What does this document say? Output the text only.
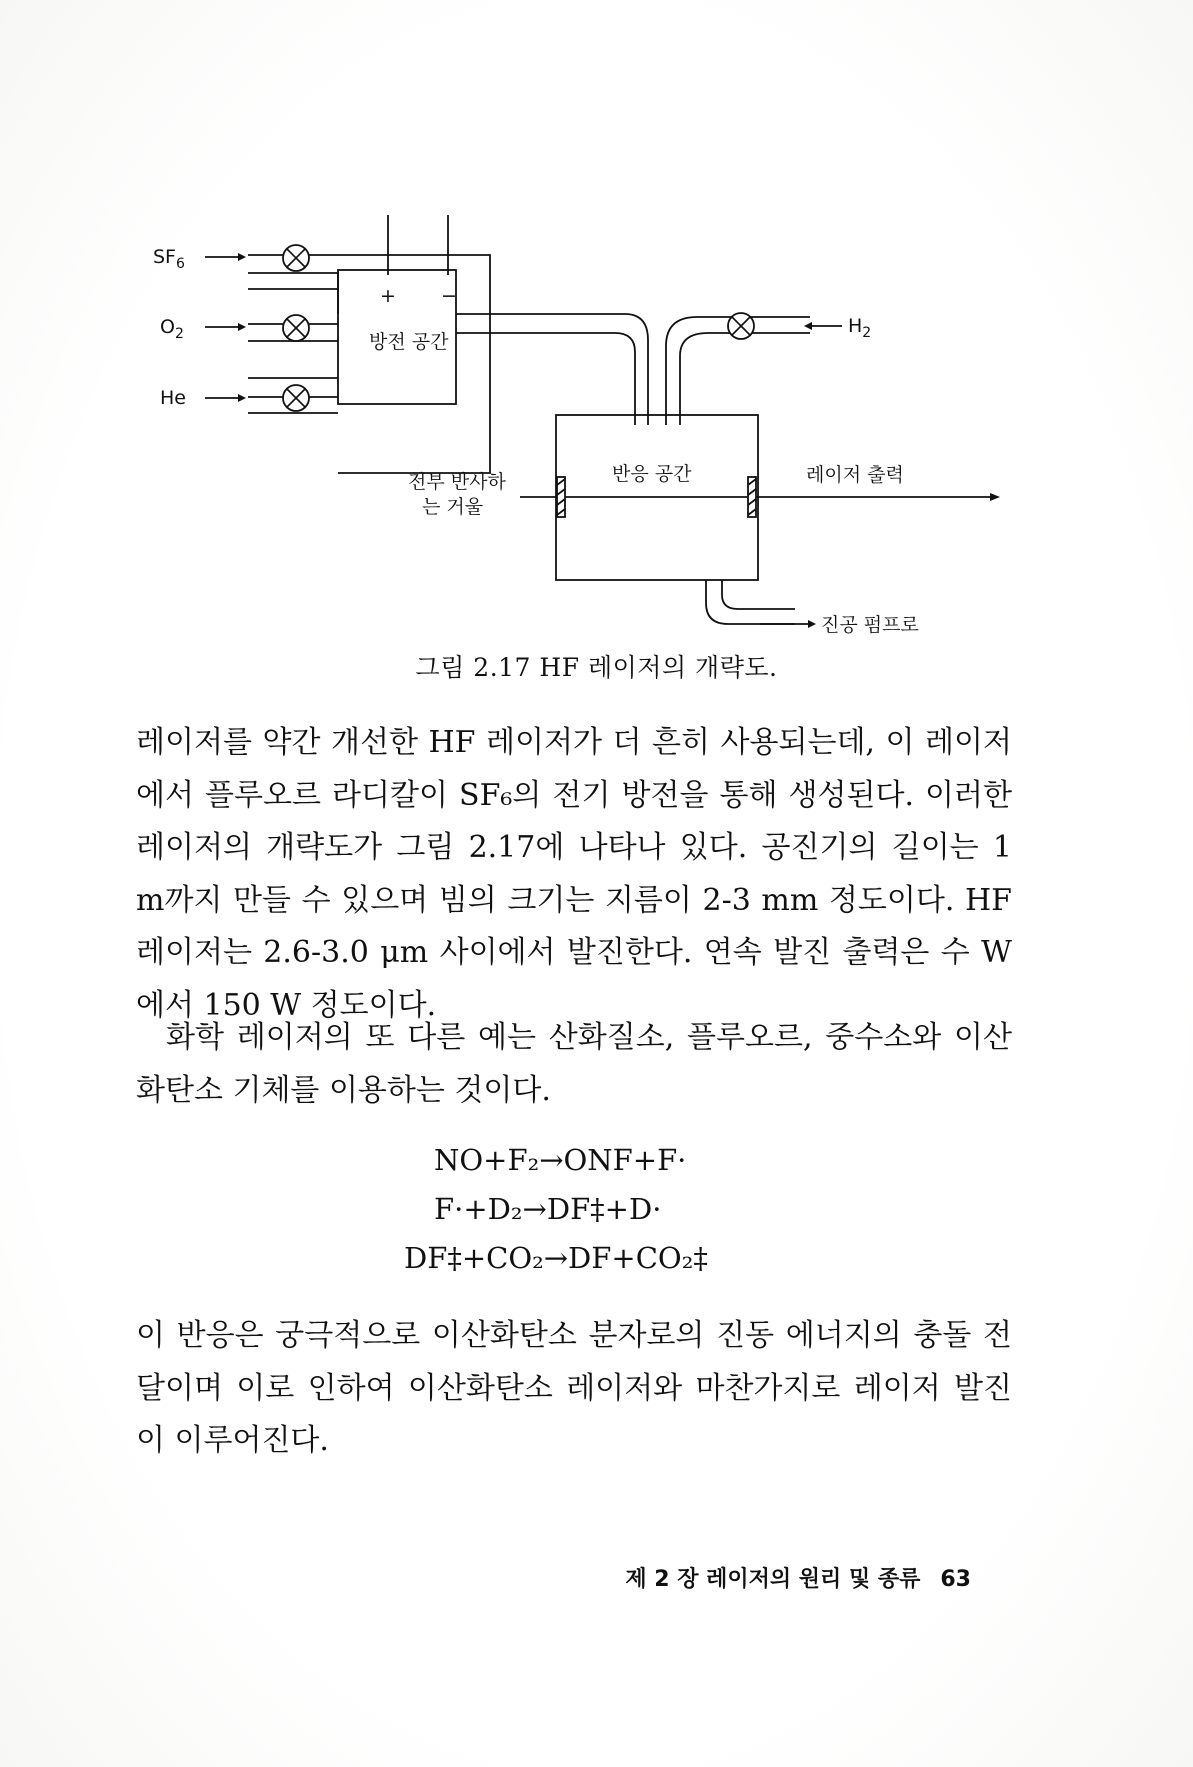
$SF_6$
$O_2$
He
+ −
방전 공간
반응 공간
$H_2$
전부 반사하
는 거울
레이저 출력
진공 펌프로
그림 2.17 HF 레이저의 개략도.

레이저를 약간 개선한 HF 레이저가 더 흔히 사용되는데, 이 레이저에서 플루오르 라디칼이 SF₆의 전기 방전을 통해 생성된다. 이러한 레이저의 개략도가 그림 2.17에 나타나 있다. 공진기의 길이는 1 m까지 만들 수 있으며 빔의 크기는 지름이 2-3 mm 정도이다. HF 레이저는 2.6-3.0 μm 사이에서 발진한다. 연속 발진 출력은 수 W에서 150 W 정도이다.

화학 레이저의 또 다른 예는 산화질소, 플루오르, 중수소와 이산화탄소 기체를 이용하는 것이다.

NO+F₂→ONF+F·
F·+D₂→DF‡+D·
DF‡+CO₂→DF+CO₂‡

이 반응은 궁극적으로 이산화탄소 분자로의 진동 에너지의 충돌 전달이며 이로 인하여 이산화탄소 레이저와 마찬가지로 레이저 발진이 이루어진다.

제 2 장 레이저의 원리 및 종류 63
